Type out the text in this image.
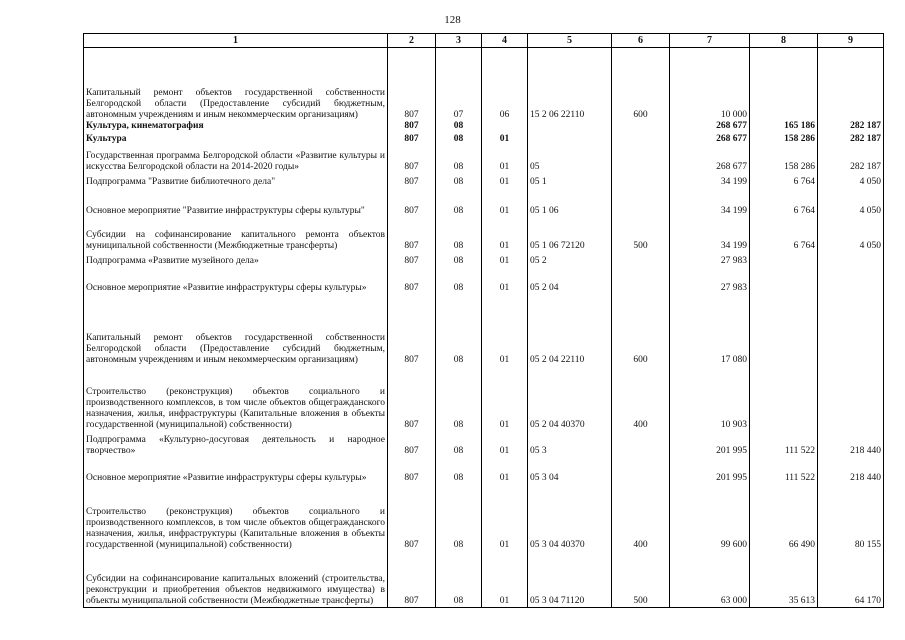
128
1	2	3	4	5	6	7	8	9
Капитальный ремонт объектов государственной собственности Белгородской области (Предоставление субсидий бюджетным, автономным учреждениям и иным некоммерческим организациям)	807	07	06	15 2 06 22110	600	10 000		
Культура, кинематография	807	08				268 677	165 186	282 187
Культура	807	08	01			268 677	158 286	282 187
Государственная программа Белгородской области «Развитие культуры и искусства Белгородской области на 2014-2020 годы»	807	08	01	05		268 677	158 286	282 187
Подпрограмма "Развитие библиотечного дела"	807	08	01	05 1		34 199	6 764	4 050
Основное мероприятие "Развитие инфраструктуры сферы культуры"	807	08	01	05 1 06		34 199	6 764	4 050
Субсидии на софинансирование капитального ремонта объектов муниципальной собственности (Межбюджетные трансферты)	807	08	01	05 1 06 72120	500	34 199	6 764	4 050
Подпрограмма «Развитие музейного дела»	807	08	01	05 2		27 983		
Основное мероприятие «Развитие инфраструктуры сферы культуры»	807	08	01	05 2 04		27 983		
Капитальный ремонт объектов государственной собственности Белгородской области (Предоставление субсидий бюджетным, автономным учреждениям и иным некоммерческим организациям)	807	08	01	05 2 04 22110	600	17 080		
Строительство (реконструкция) объектов социального и производственного комплексов, в том числе объектов общегражданского назначения, жилья, инфраструктуры (Капитальные вложения в объекты государственной (муниципальной) собственности)	807	08	01	05 2 04 40370	400	10 903		
Подпрограмма «Культурно-досуговая деятельность и народное творчество»	807	08	01	05 3		201 995	111 522	218 440
Основное мероприятие «Развитие инфраструктуры сферы культуры»	807	08	01	05 3 04		201 995	111 522	218 440
Строительство (реконструкция) объектов социального и производственного комплексов, в том числе объектов общегражданского назначения, жилья, инфраструктуры (Капитальные вложения в объекты государственной (муниципальной) собственности)	807	08	01	05 3 04 40370	400	99 600	66 490	80 155
Субсидии на софинансирование капитальных вложений (строительства, реконструкции и приобретения объектов недвижимого имущества) в объекты муниципальной собственности (Межбюджетные трансферты)	807	08	01	05 3 04 71120	500	63 000	35 613	64 170
